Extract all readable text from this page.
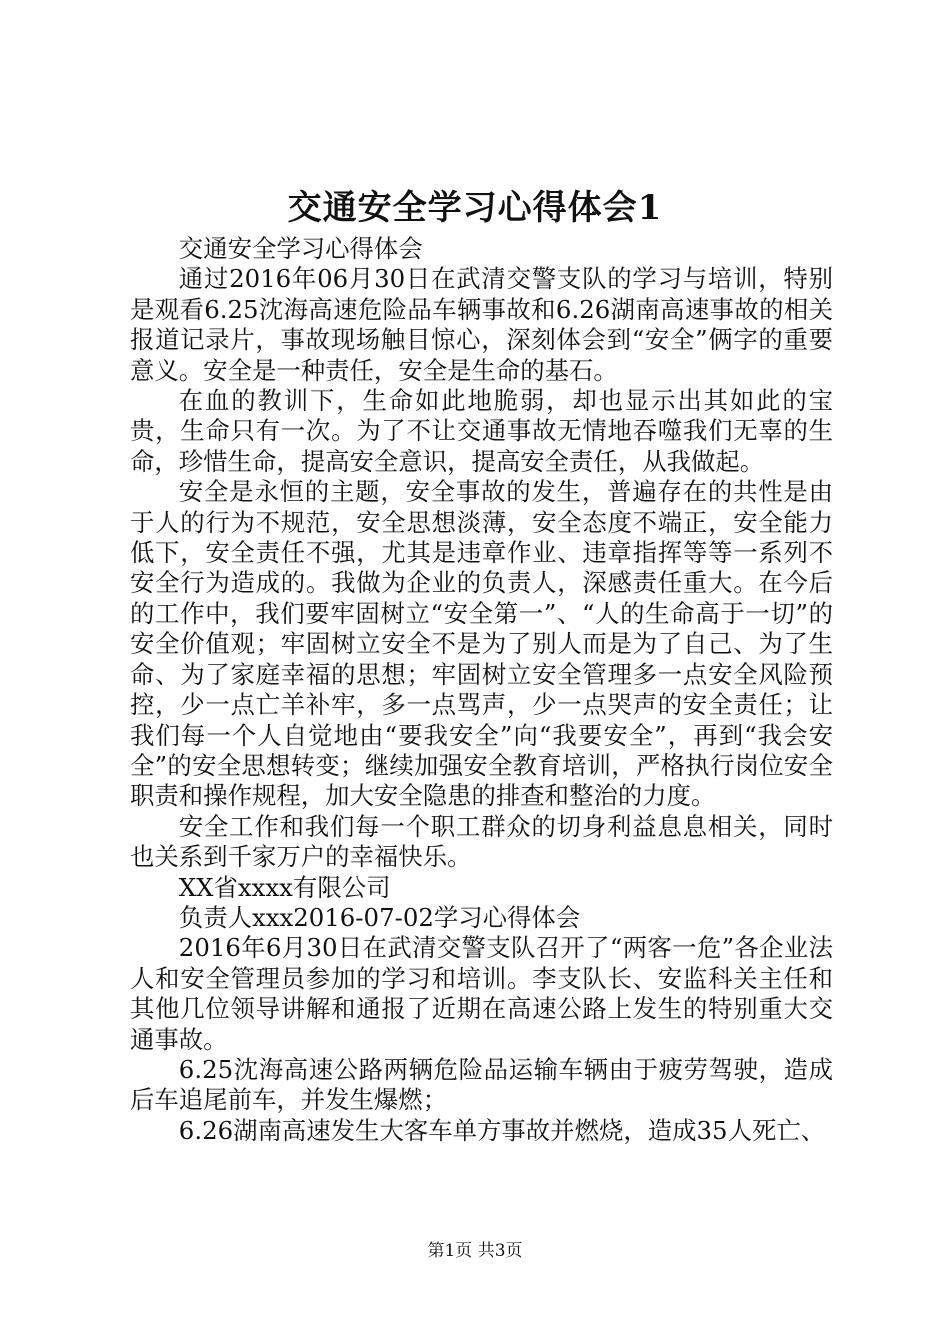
交通安全学习心得体会1

交通安全学习心得体会

通过2016年06月30日在武清交警支队的学习与培训，特别是观看6.25沈海高速危险品车辆事故和6.26湖南高速事故的相关报道记录片，事故现场触目惊心，深刻体会到“安全”俩字的重要意义。安全是一种责任，安全是生命的基石。

在血的教训下，生命如此地脆弱，却也显示出其如此的宝贵，生命只有一次。为了不让交通事故无情地吞噬我们无辜的生命，珍惜生命，提高安全意识，提高安全责任，从我做起。

安全是永恒的主题，安全事故的发生，普遍存在的共性是由于人的行为不规范，安全思想淡薄，安全态度不端正，安全能力低下，安全责任不强，尤其是违章作业、违章指挥等等一系列不安全行为造成的。我做为企业的负责人，深感责任重大。在今后的工作中，我们要牢固树立“安全第一”、“人的生命高于一切”的安全价值观；牢固树立安全不是为了别人而是为了自己、为了生命、为了家庭幸福的思想；牢固树立安全管理多一点安全风险预控，少一点亡羊补牢，多一点骂声，少一点哭声的安全责任；让我们每一个人自觉地由“要我安全”向“我要安全”，再到“我会安全”的安全思想转变；继续加强安全教育培训，严格执行岗位安全职责和操作规程，加大安全隐患的排查和整治的力度。

安全工作和我们每一个职工群众的切身利益息息相关，同时也关系到千家万户的幸福快乐。

XX省xxxx有限公司

负责人xxx2016-07-02学习心得体会

2016年6月30日在武清交警支队召开了“两客一危”各企业法人和安全管理员参加的学习和培训。李支队长、安监科关主任和其他几位领导讲解和通报了近期在高速公路上发生的特别重大交通事故。

6.25沈海高速公路两辆危险品运输车辆由于疲劳驾驶，造成后车追尾前车，并发生爆燃；

6.26湖南高速发生大客车单方事故并燃烧，造成35人死亡、

第1页 共3页
